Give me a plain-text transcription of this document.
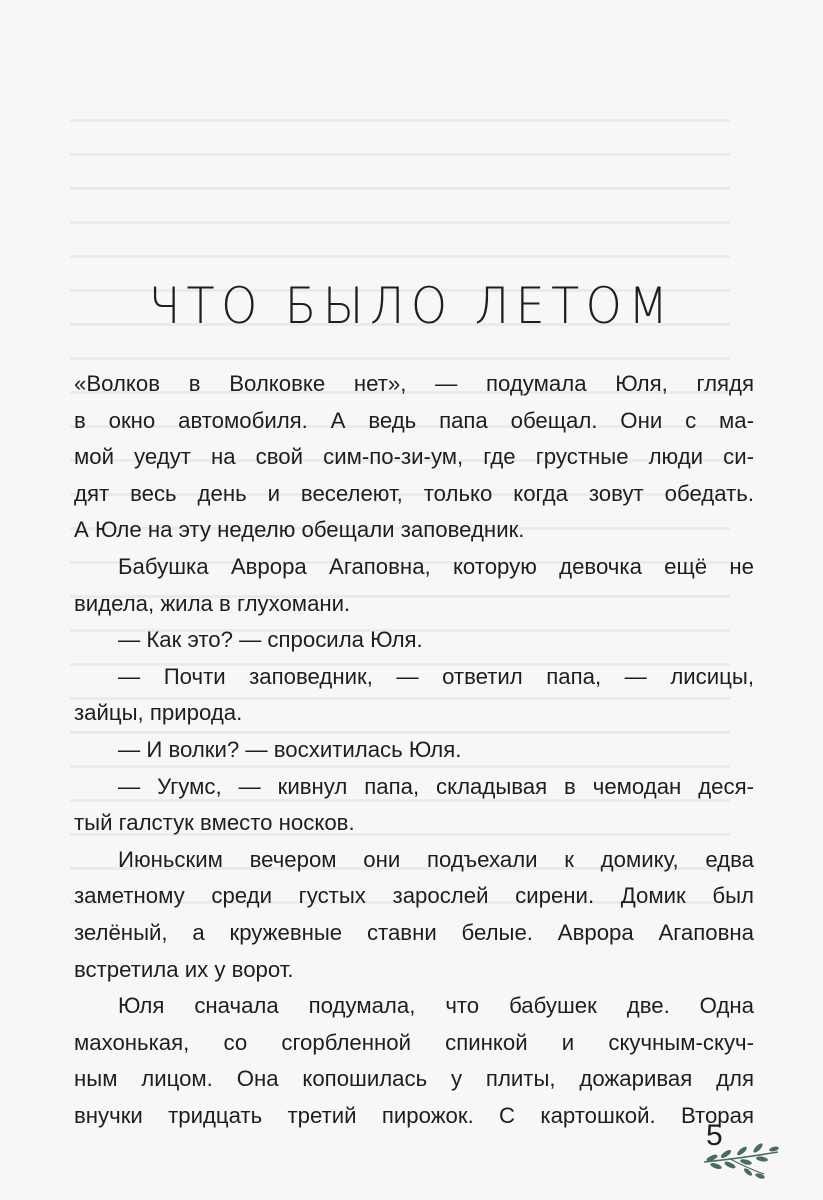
ЧТО БЫЛО ЛЕТОМ
«Волков в Волковке нет», — подумала Юля, глядя
в окно автомобиля. А ведь папа обещал. Они с ма-
мой уедут на свой сим-по-зи-ум, где грустные люди си-
дят весь день и веселеют, только когда зовут обедать.
А Юле на эту неделю обещали заповедник.
Бабушка Аврора Агаповна, которую девочка ещё не
видела, жила в глухомани.
— Как это? — спросила Юля.
— Почти заповедник, — ответил папа, — лисицы,
зайцы, природа.
— И волки? — восхитилась Юля.
— Угумс, — кивнул папа, складывая в чемодан деся-
тый галстук вместо носков.
Июньским вечером они подъехали к домику, едва
заметному среди густых зарослей сирени. Домик был
зелёный, а кружевные ставни белые. Аврора Агаповна
встретила их у ворот.
Юля сначала подумала, что бабушек две. Одна
махонькая, со сгорбленной спинкой и скучным-скуч-
ным лицом. Она копошилась у плиты, дожаривая для
внучки тридцать третий пирожок. С картошкой. Вторая
5
